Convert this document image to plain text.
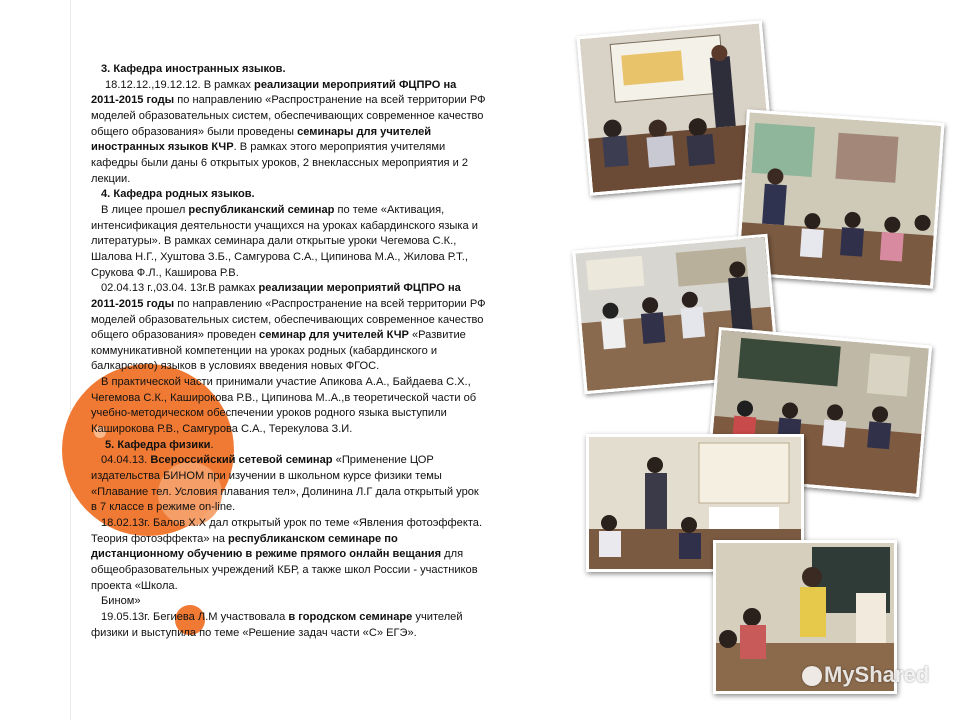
3. Кафедра иностранных языков.

18.12.12.,19.12.12. В рамках реализации мероприятий ФЦПРО на

2011-2015 годы по направлению «Распространение на всей территории РФ

моделей образовательных систем, обеспечивающих современное качество

общего образования» были проведены семинары для учителей

иностранных языков КЧР. В рамках этого мероприятия учителями

кафедры были даны 6 открытых уроков, 2 внеклассных мероприятия и 2

лекции.

4. Кафедра родных языков.

В лицее прошел республиканский семинар по теме «Активация,

интенсификация деятельности учащихся на уроках кабардинского языка и

литературы». В рамках семинара дали открытые уроки Чегемова С.К.,

Шалова Н.Г., Хуштова З.Б., Самгурова С.А., Ципинова М.А., Жилова Р.Т.,

Срукова Ф.Л., Каширова Р.В.

02.04.13 г.,03.04. 13г.В рамках реализации мероприятий ФЦПРО на

2011-2015 годы по направлению «Распространение на всей территории РФ

моделей образовательных систем, обеспечивающих современное качество

общего образования» проведен семинар для учителей КЧР «Развитие

коммуникативной компетенции на уроках родных (кабардинского и

балкарского) языков в условиях введения новых ФГОС.

В практической части принимали участие Апикова А.А., Байдаева С.Х.,

Чегемова С.К., Каширокова Р.В., Ципинова М..А.,в теоретической части об

учебно-методическом обеспечении уроков родного языка выступили

Каширокова Р.В., Самгурова С.А., Терекулова З.И.

5. Кафедра физики.

04.04.13. Всероссийский сетевой семинар «Применение ЦОР

издательства БИНОМ при изучении в школьном курсе физики темы

«Плавание тел. Условия плавания тел», Долинина Л.Г дала открытый урок

в 7 классе в режиме on-line.

18.02.13г. Балов Х.Х дал открытый урок по теме «Явления фотоэффекта.

Теория фотоэффекта» на республиканском семинаре по

дистанционному обучению в режиме прямого онлайн вещания для

общеобразовательных учреждений КБР, а также школ России - участников

проекта «Школа.

Бином»

19.05.13г. Бегиева Л.М участвовала в городском семинаре учителей

физики и выступила по теме «Решение задач части «С» ЕГЭ».

MyShared
